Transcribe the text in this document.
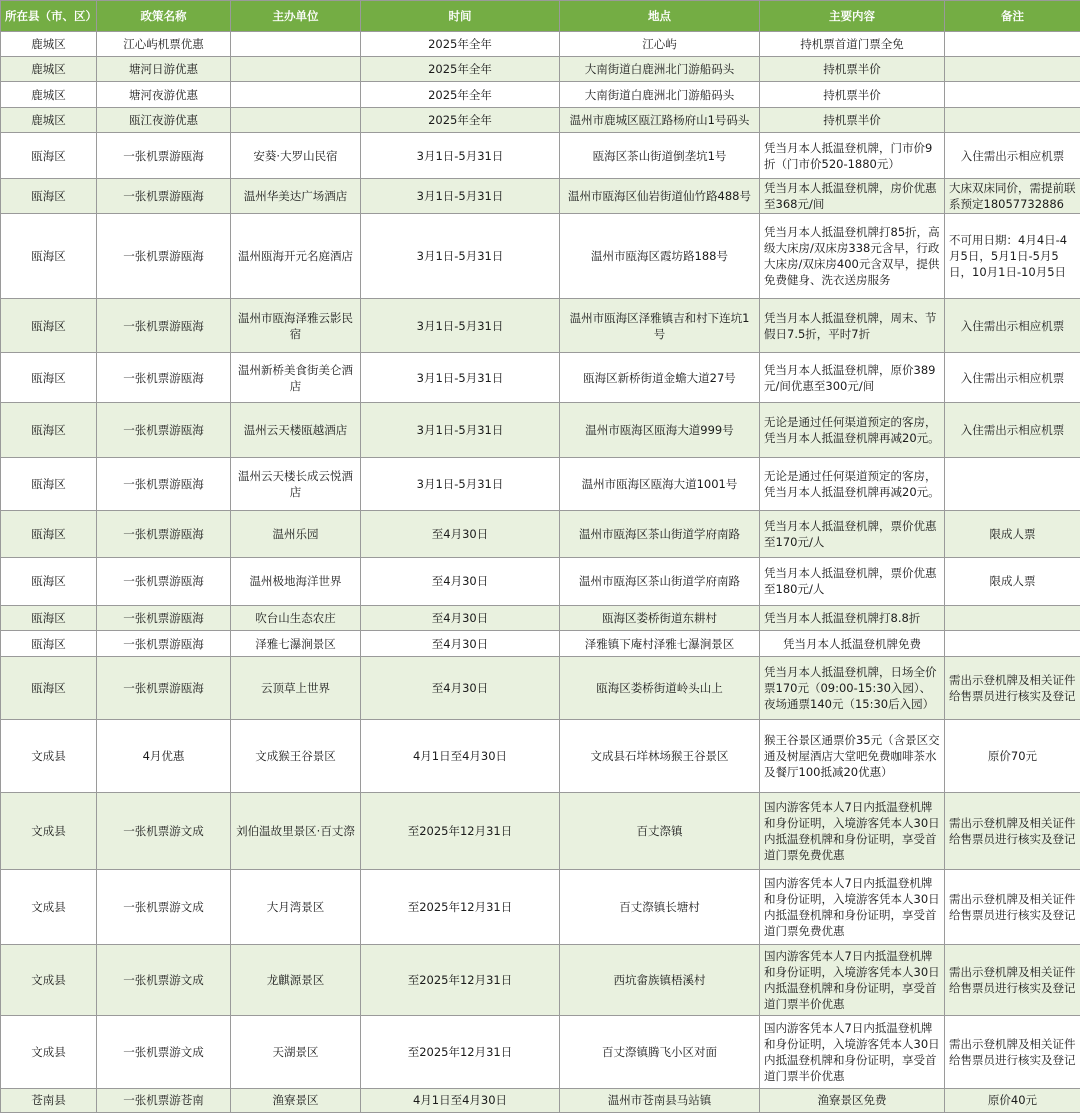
所在县（市、区）	政策名称	主办单位	时间	地点	主要内容	备注
鹿城区	江心屿机票优惠		2025年全年	江心屿	持机票首道门票全免	
鹿城区	塘河日游优惠		2025年全年	大南街道白鹿洲北门游船码头	持机票半价	
鹿城区	塘河夜游优惠		2025年全年	大南街道白鹿洲北门游船码头	持机票半价	
鹿城区	瓯江夜游优惠		2025年全年	温州市鹿城区瓯江路杨府山1号码头	持机票半价	
瓯海区	一张机票游瓯海	安葵·大罗山民宿	3月1日-5月31日	瓯海区茶山街道倒垄坑1号	凭当月本人抵温登机牌，门市价9折（门市价520-1880元）	入住需出示相应机票
瓯海区	一张机票游瓯海	温州华美达广场酒店	3月1日-5月31日	温州市瓯海区仙岩街道仙竹路488号	凭当月本人抵温登机牌，房价优惠至368元/间	大床双床同价，需提前联系预定18057732886
瓯海区	一张机票游瓯海	温州瓯海开元名庭酒店	3月1日-5月31日	温州市瓯海区霞坊路188号	凭当月本人抵温登机牌打85折，高级大床房/双床房338元含早，行政大床房/双床房400元含双早，提供免费健身、洗衣送房服务	不可用日期：4月4日-4月5日，5月1日-5月5日，10月1日-10月5日
瓯海区	一张机票游瓯海	温州市瓯海泽雅云影民宿	3月1日-5月31日	温州市瓯海区泽雅镇吉和村下连坑1号	凭当月本人抵温登机牌，周末、节假日7.5折，平时7折	入住需出示相应机票
瓯海区	一张机票游瓯海	温州新桥美食街美仑酒店	3月1日-5月31日	瓯海区新桥街道金蟾大道27号	凭当月本人抵温登机牌，原价389元/间优惠至300元/间	入住需出示相应机票
瓯海区	一张机票游瓯海	温州云天楼瓯越酒店	3月1日-5月31日	温州市瓯海区瓯海大道999号	无论是通过任何渠道预定的客房，凭当月本人抵温登机牌再减20元。	入住需出示相应机票
瓯海区	一张机票游瓯海	温州云天楼长成云悦酒店	3月1日-5月31日	温州市瓯海区瓯海大道1001号	无论是通过任何渠道预定的客房，凭当月本人抵温登机牌再减20元。	
瓯海区	一张机票游瓯海	温州乐园	至4月30日	温州市瓯海区茶山街道学府南路	凭当月本人抵温登机牌，票价优惠至170元/人	限成人票
瓯海区	一张机票游瓯海	温州极地海洋世界	至4月30日	温州市瓯海区茶山街道学府南路	凭当月本人抵温登机牌，票价优惠至180元/人	限成人票
瓯海区	一张机票游瓯海	吹台山生态农庄	至4月30日	瓯海区娄桥街道东耕村	凭当月本人抵温登机牌打8.8折	
瓯海区	一张机票游瓯海	泽雅七瀑涧景区	至4月30日	泽雅镇下庵村泽雅七瀑涧景区	凭当月本人抵温登机牌免费	
瓯海区	一张机票游瓯海	云顶草上世界	至4月30日	瓯海区娄桥街道岭头山上	凭当月本人抵温登机牌，日场全价票170元（09:00-15:30入园）、夜场通票140元（15:30后入园）	需出示登机牌及相关证件给售票员进行核实及登记
文成县	4月优惠	文成猴王谷景区	4月1日至4月30日	文成县石垟林场猴王谷景区	猴王谷景区通票价35元（含景区交通及树屋酒店大堂吧免费咖啡茶水及餐厅100抵减20优惠）	原价70元
文成县	一张机票游文成	刘伯温故里景区·百丈漈	至2025年12月31日	百丈漈镇	国内游客凭本人7日内抵温登机牌和身份证明，入境游客凭本人30日内抵温登机牌和身份证明，享受首道门票免费优惠	需出示登机牌及相关证件给售票员进行核实及登记
文成县	一张机票游文成	大月湾景区	至2025年12月31日	百丈漈镇长塘村	国内游客凭本人7日内抵温登机牌和身份证明，入境游客凭本人30日内抵温登机牌和身份证明，享受首道门票免费优惠	需出示登机牌及相关证件给售票员进行核实及登记
文成县	一张机票游文成	龙麒源景区	至2025年12月31日	西坑畲族镇梧溪村	国内游客凭本人7日内抵温登机牌和身份证明，入境游客凭本人30日内抵温登机牌和身份证明，享受首道门票半价优惠	需出示登机牌及相关证件给售票员进行核实及登记
文成县	一张机票游文成	天湖景区	至2025年12月31日	百丈漈镇腾飞小区对面	国内游客凭本人7日内抵温登机牌和身份证明，入境游客凭本人30日内抵温登机牌和身份证明，享受首道门票半价优惠	需出示登机牌及相关证件给售票员进行核实及登记
苍南县	一张机票游苍南	渔寮景区	4月1日至4月30日	温州市苍南县马站镇	渔寮景区免费	原价40元
